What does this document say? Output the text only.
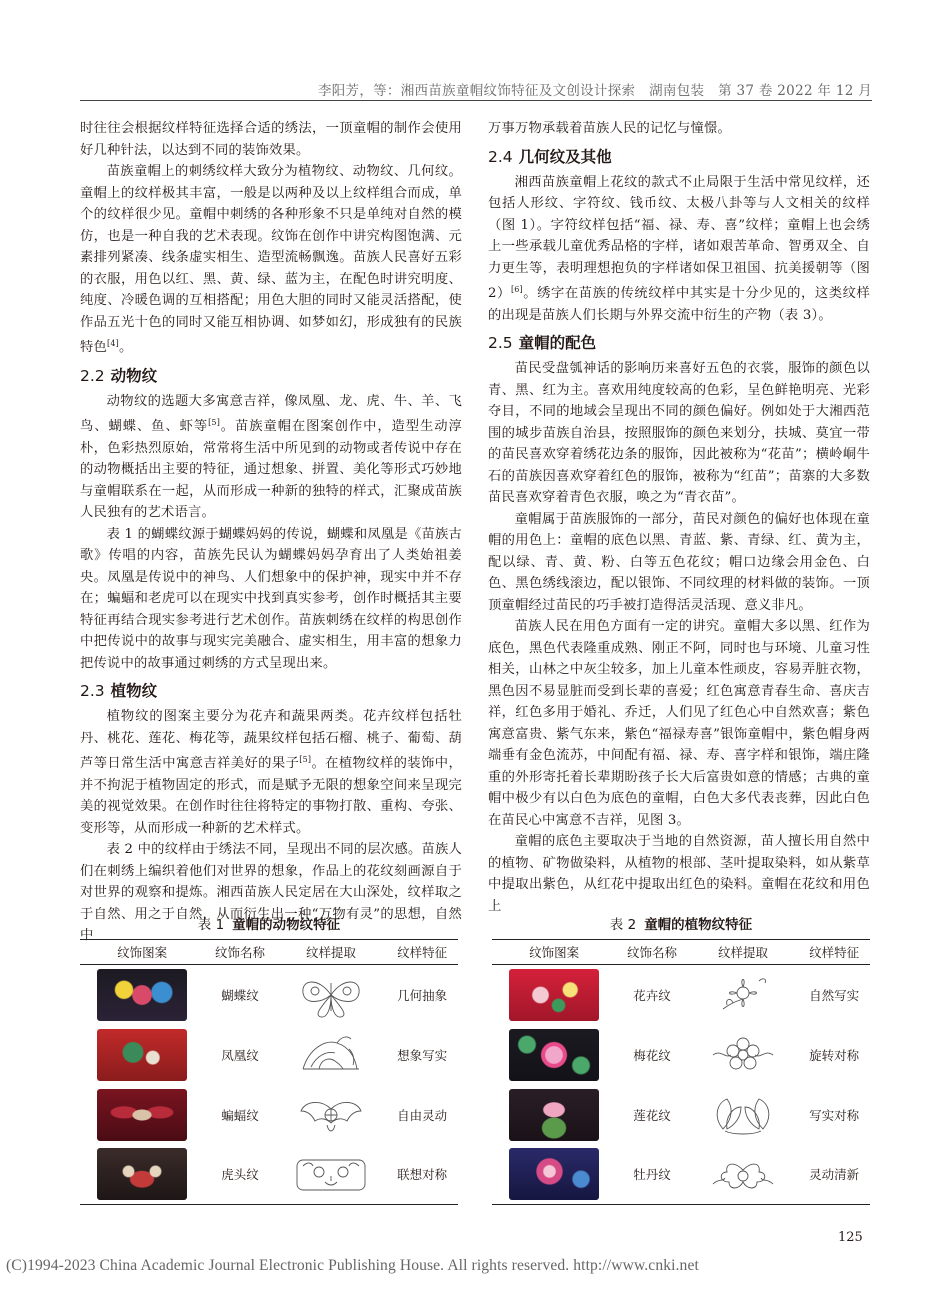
李阳芳，等：湘西苗族童帽纹饰特征及文创设计探索　湖南包装　第 37 卷 2022 年 12 月

时往往会根据纹样特征选择合适的绣法，一顶童帽的制作会使用好几种针法，以达到不同的装饰效果。

苗族童帽上的刺绣纹样大致分为植物纹、动物纹、几何纹。童帽上的纹样极其丰富，一般是以两种及以上纹样组合而成，单个的纹样很少见。童帽中刺绣的各种形象不只是单纯对自然的模仿，也是一种自我的艺术表现。纹饰在创作中讲究构图饱满、元素排列紧凑、线条虚实相生、造型流畅飘逸。苗族人民喜好五彩的衣服，用色以红、黑、黄、绿、蓝为主，在配色时讲究明度、纯度、冷暖色调的互相搭配；用色大胆的同时又能灵活搭配，使作品五光十色的同时又能互相协调、如梦如幻，形成独有的民族特色[4]。

2.2 动物纹

动物纹的选题大多寓意吉祥，像凤凰、龙、虎、牛、羊、飞鸟、蝴蝶、鱼、虾等[5]。苗族童帽在图案创作中，造型生动淳朴，色彩热烈原始，常常将生活中所见到的动物或者传说中存在的动物概括出主要的特征，通过想象、拼置、美化等形式巧妙地与童帽联系在一起，从而形成一种新的独特的样式，汇聚成苗族人民独有的艺术语言。

表 1 的蝴蝶纹源于蝴蝶妈妈的传说，蝴蝶和凤凰是《苗族古歌》传唱的内容，苗族先民认为蝴蝶妈妈孕育出了人类始祖姜央。凤凰是传说中的神鸟、人们想象中的保护神，现实中并不存在；蝙蝠和老虎可以在现实中找到真实参考，创作时概括其主要特征再结合现实参考进行艺术创作。苗族刺绣在纹样的构思创作中把传说中的故事与现实完美融合、虚实相生，用丰富的想象力把传说中的故事通过刺绣的方式呈现出来。

2.3 植物纹

植物纹的图案主要分为花卉和蔬果两类。花卉纹样包括牡丹、桃花、莲花、梅花等，蔬果纹样包括石榴、桃子、葡萄、葫芦等日常生活中寓意吉祥美好的果子[5]。在植物纹样的装饰中，并不拘泥于植物固定的形式，而是赋予无限的想象空间来呈现完美的视觉效果。在创作时往往将特定的事物打散、重构、夸张、变形等，从而形成一种新的艺术样式。

表 2 中的纹样由于绣法不同，呈现出不同的层次感。苗族人们在刺绣上编织着他们对世界的想象，作品上的花纹刻画源自于对世界的观察和提炼。湘西苗族人民定居在大山深处，纹样取之于自然、用之于自然，从而衍生出一种“万物有灵”的思想，自然中

万事万物承载着苗族人民的记忆与憧憬。

2.4 几何纹及其他

湘西苗族童帽上花纹的款式不止局限于生活中常见纹样，还包括人形纹、字符纹、钱币纹、太极八卦等与人文相关的纹样（图 1）。字符纹样包括“福、禄、寿、喜”纹样；童帽上也会绣上一些承载儿童优秀品格的字样，诸如艰苦革命、智勇双全、自力更生等，表明理想抱负的字样诸如保卫祖国、抗美援朝等（图 2）[6]。绣字在苗族的传统纹样中其实是十分少见的，这类纹样的出现是苗族人们长期与外界交流中衍生的产物（表 3）。

2.5 童帽的配色

苗民受盘瓠神话的影响历来喜好五色的衣裳，服饰的颜色以青、黑、红为主。喜欢用纯度较高的色彩，呈色鲜艳明亮、光彩夺目，不同的地域会呈现出不同的颜色偏好。例如处于大湘西范围的城步苗族自治县，按照服饰的颜色来划分，扶城、莫宜一带的苗民喜欢穿着绣花边条的服饰，因此被称为“花苗”；横岭峒牛石的苗族因喜欢穿着红色的服饰，被称为“红苗”；苗寨的大多数苗民喜欢穿着青色衣服，唤之为“青衣苗”。

童帽属于苗族服饰的一部分，苗民对颜色的偏好也体现在童帽的用色上：童帽的底色以黑、青蓝、紫、青绿、红、黄为主，配以绿、青、黄、粉、白等五色花纹；帽口边缘会用金色、白色、黑色绣线滚边，配以银饰、不同纹理的材料做的装饰。一顶顶童帽经过苗民的巧手被打造得活灵活现、意义非凡。

苗族人民在用色方面有一定的讲究。童帽大多以黑、红作为底色，黑色代表隆重成熟、刚正不阿，同时也与环境、儿童习性相关，山林之中灰尘较多，加上儿童本性顽皮，容易弄脏衣物，黑色因不易显脏而受到长辈的喜爱；红色寓意青春生命、喜庆吉祥，红色多用于婚礼、乔迁，人们见了红色心中自然欢喜；紫色寓意富贵、紫气东来，紫色“福禄寿喜”银饰童帽中，紫色帽身两端垂有金色流苏，中间配有福、禄、寿、喜字样和银饰，端庄隆重的外形寄托着长辈期盼孩子长大后富贵如意的情感；古典的童帽中极少有以白色为底色的童帽，白色大多代表丧葬，因此白色在苗民心中寓意不吉祥，见图 3。

童帽的底色主要取决于当地的自然资源，苗人擅长用自然中的植物、矿物做染料，从植物的根部、茎叶提取染料，如从紫草中提取出紫色，从红花中提取出红色的染料。童帽在花纹和用色上

表 1 童帽的动物纹特征
纹饰图案	纹饰名称	纹样提取	纹样特征

	蝴蝶纹		几何抽象

	凤凰纹		想象写实

	蝙蝠纹		自由灵动

	虎头纹		联想对称
表 2 童帽的植物纹特征
纹饰图案	纹饰名称	纹样提取	纹样特征

	花卉纹		自然写实

	梅花纹		旋转对称

	莲花纹		写实对称

	牡丹纹		灵动清新
125
(C)1994-2023 China Academic Journal Electronic Publishing House. All rights reserved. http://www.cnki.net
